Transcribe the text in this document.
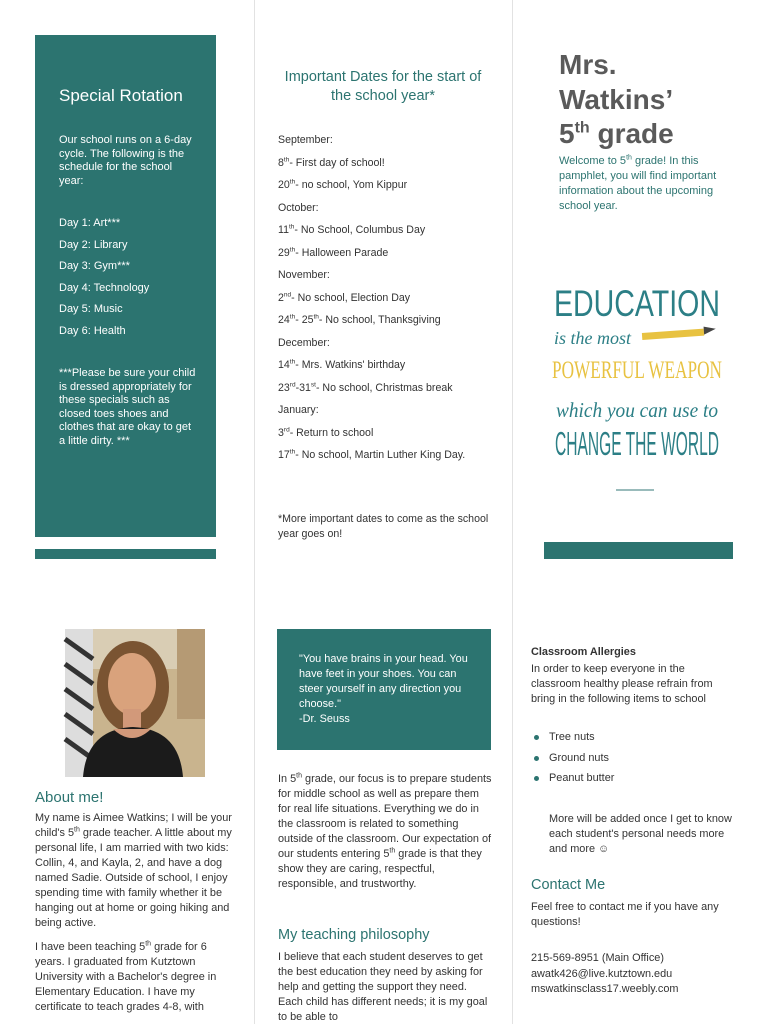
Special Rotation
Our school runs on a 6-day cycle. The following is the schedule for the school year:
Day 1: Art***
Day 2: Library
Day 3: Gym***
Day 4: Technology
Day 5: Music
Day 6: Health
***Please be sure your child is dressed appropriately for these specials such as closed toes shoes and clothes that are okay to get a little dirty. ***
Important Dates for the start of the school year*
September:
8th- First day of school!
20th- no school, Yom Kippur
October:
11th- No School, Columbus Day
29th- Halloween Parade
November:
2nd- No school, Election Day
24th- 25th- No school, Thanksgiving
December:
14th- Mrs. Watkins' birthday
23rd-31st- No school, Christmas break
January:
3rd- Return to school
17th- No school, Martin Luther King Day.
*More important dates to come as the school year goes on!
Mrs.
Watkins’
5th grade
Welcome to 5th grade! In this pamphlet, you will find important information about the upcoming school year.
EDUCATION
is the most
POWERFUL WEAPON
which you can use to
CHANGE THE WORLD
About me!

My name is Aimee Watkins; I will be your child's 5th grade teacher. A little about my personal life, I am married with two kids: Collin, 4, and Kayla, 2, and have a dog named Sadie. Outside of school, I enjoy spending time with family whether it be hanging out at home or going hiking and being active.

I have been teaching 5th grade for 6 years. I graduated from Kutztown University with a Bachelor's degree in Elementary Education. I have my certificate to teach grades 4-8, with

"You have brains in your head. You have feet in your shoes. You can steer yourself in any direction you choose."
-Dr. Seuss
In 5th grade, our focus is to prepare students for middle school as well as prepare them for real life situations. Everything we do in the classroom is related to something outside of the classroom. Our expectation of our students entering 5th grade is that they show they are caring, respectful, responsible, and trustworthy.
My teaching philosophy
I believe that each student deserves to get the best education they need by asking for help and getting the support they need. Each child has different needs; it is my goal to be able to
Classroom Allergies
In order to keep everyone in the classroom healthy please refrain from bring in the following items to school
Tree nuts
Ground nuts
Peanut butter
More will be added once I get to know each student's personal needs more and more ☺
Contact Me
Feel free to contact me if you have any questions!
215-569-8951 (Main Office)
awatk426@live.kutztown.edu
mswatkinsclass17.weebly.com
